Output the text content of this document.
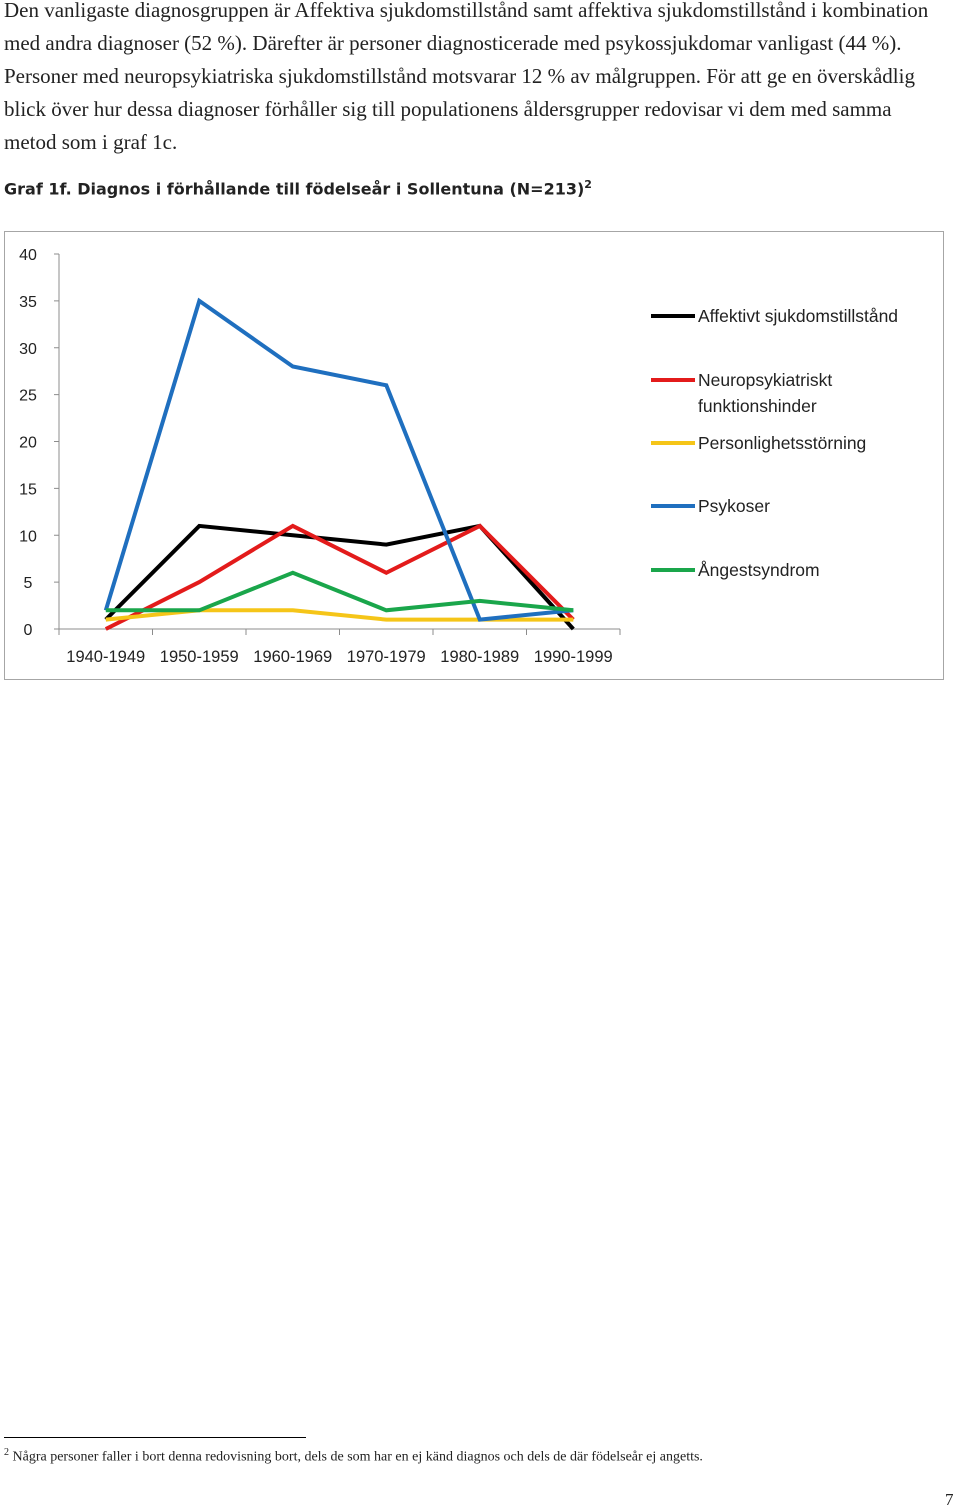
Den vanligaste diagnosgruppen är Affektiva sjukdomstillstånd samt affektiva sjukdomstillstånd i kombination med andra diagnoser (52 %). Därefter är personer diagnosticerade med psykossjukdomar vanligast (44 %). Personer med neuropsykiatriska sjukdomstillstånd motsvarar 12 % av målgruppen. För att ge en överskådlig blick över hur dessa diagnoser förhåller sig till populationens åldersgrupper redovisar vi dem med samma metod som i graf 1c.
Graf 1f. Diagnos i förhållande till födelseår i Sollentuna (N=213)$^2$
0
5
10
15
20
25
30
35
40
1940-1949 1950-1959 1960-1969 1970-1979 1980-1989 1990-1999
Affektivt sjukdomstillstånd
Neuropsykiatriskt funktionshinder
Personlighetsstörning
Psykoser
Ångestsyndrom
$^2$ Några personer faller i bort denna redovisning bort, dels de som har en ej känd diagnos och dels de där födelseår ej angetts.
7
